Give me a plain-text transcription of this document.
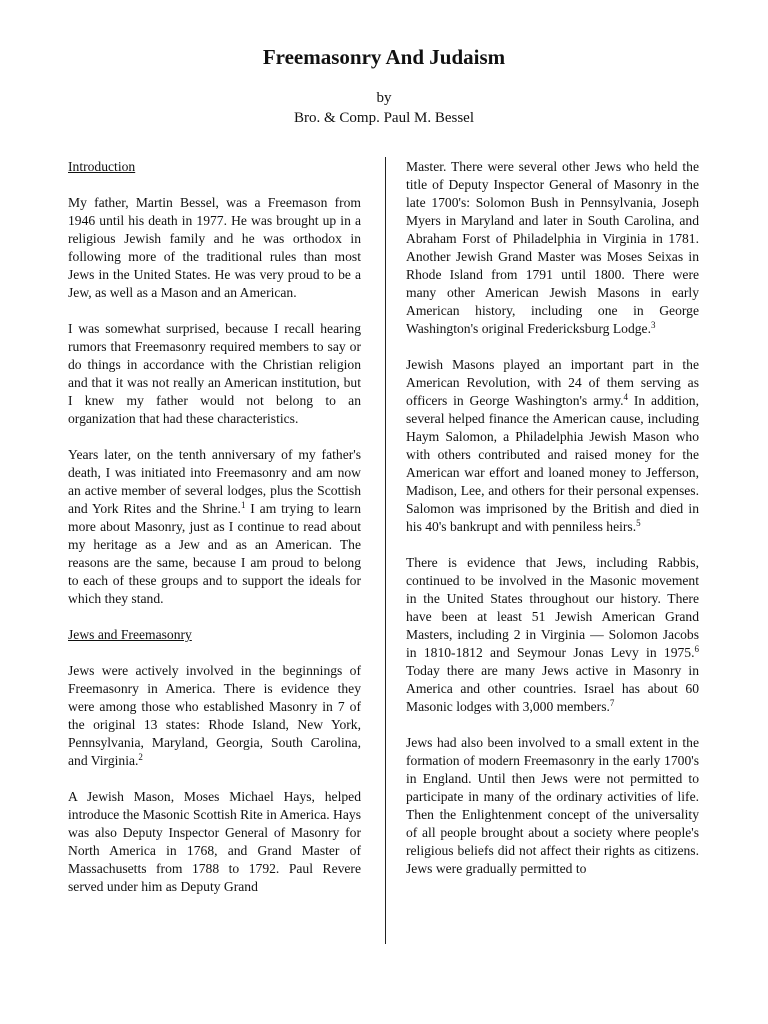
Freemasonry And Judaism
by
Bro. & Comp. Paul M. Bessel

Introduction

My father, Martin Bessel, was a Freemason from 1946 until his death in 1977. He was brought up in a religious Jewish family and he was orthodox in following more of the traditional rules than most Jews in the United States. He was very proud to be a Jew, as well as a Mason and an American.

I was somewhat surprised, because I recall hearing rumors that Freemasonry required members to say or do things in accordance with the Christian religion and that it was not really an American institution, but I knew my father would not belong to an organization that had these characteristics.

Years later, on the tenth anniversary of my father's death, I was initiated into Freemasonry and am now an active member of several lodges, plus the Scottish and York Rites and the Shrine.$^1$ I am trying to learn more about Masonry, just as I continue to read about my heritage as a Jew and as an American. The reasons are the same, because I am proud to belong to each of these groups and to support the ideals for which they stand.

Jews and Freemasonry

Jews were actively involved in the beginnings of Freemasonry in America. There is evidence they were among those who established Masonry in 7 of the original 13 states: Rhode Island, New York, Pennsylvania, Maryland, Georgia, South Carolina, and Virginia.$^2$

A Jewish Mason, Moses Michael Hays, helped introduce the Masonic Scottish Rite in America. Hays was also Deputy Inspector General of Masonry for North America in 1768, and Grand Master of Massachusetts from 1788 to 1792. Paul Revere served under him as Deputy Grand

Master. There were several other Jews who held the title of Deputy Inspector General of Masonry in the late 1700's: Solomon Bush in Pennsylvania, Joseph Myers in Maryland and later in South Carolina, and Abraham Forst of Philadelphia in Virginia in 1781. Another Jewish Grand Master was Moses Seixas in Rhode Island from 1791 until 1800. There were many other American Jewish Masons in early American history, including one in George Washington's original Fredericksburg Lodge.$^3$

Jewish Masons played an important part in the American Revolution, with 24 of them serving as officers in George Washington's army.$^4$ In addition, several helped finance the American cause, including Haym Salomon, a Philadelphia Jewish Mason who with others contributed and raised money for the American war effort and loaned money to Jefferson, Madison, Lee, and others for their personal expenses. Salomon was imprisoned by the British and died in his 40's bankrupt and with penniless heirs.$^5$

There is evidence that Jews, including Rabbis, continued to be involved in the Masonic movement in the United States throughout our history. There have been at least 51 Jewish American Grand Masters, including 2 in Virginia — Solomon Jacobs in 1810-1812 and Seymour Jonas Levy in 1975.$^6$ Today there are many Jews active in Masonry in America and other countries. Israel has about 60 Masonic lodges with 3,000 members.$^7$

Jews had also been involved to a small extent in the formation of modern Freemasonry in the early 1700's in England. Until then Jews were not permitted to participate in many of the ordinary activities of life. Then the Enlightenment concept of the universality of all people brought about a society where people's religious beliefs did not affect their rights as citizens. Jews were gradually permitted to
